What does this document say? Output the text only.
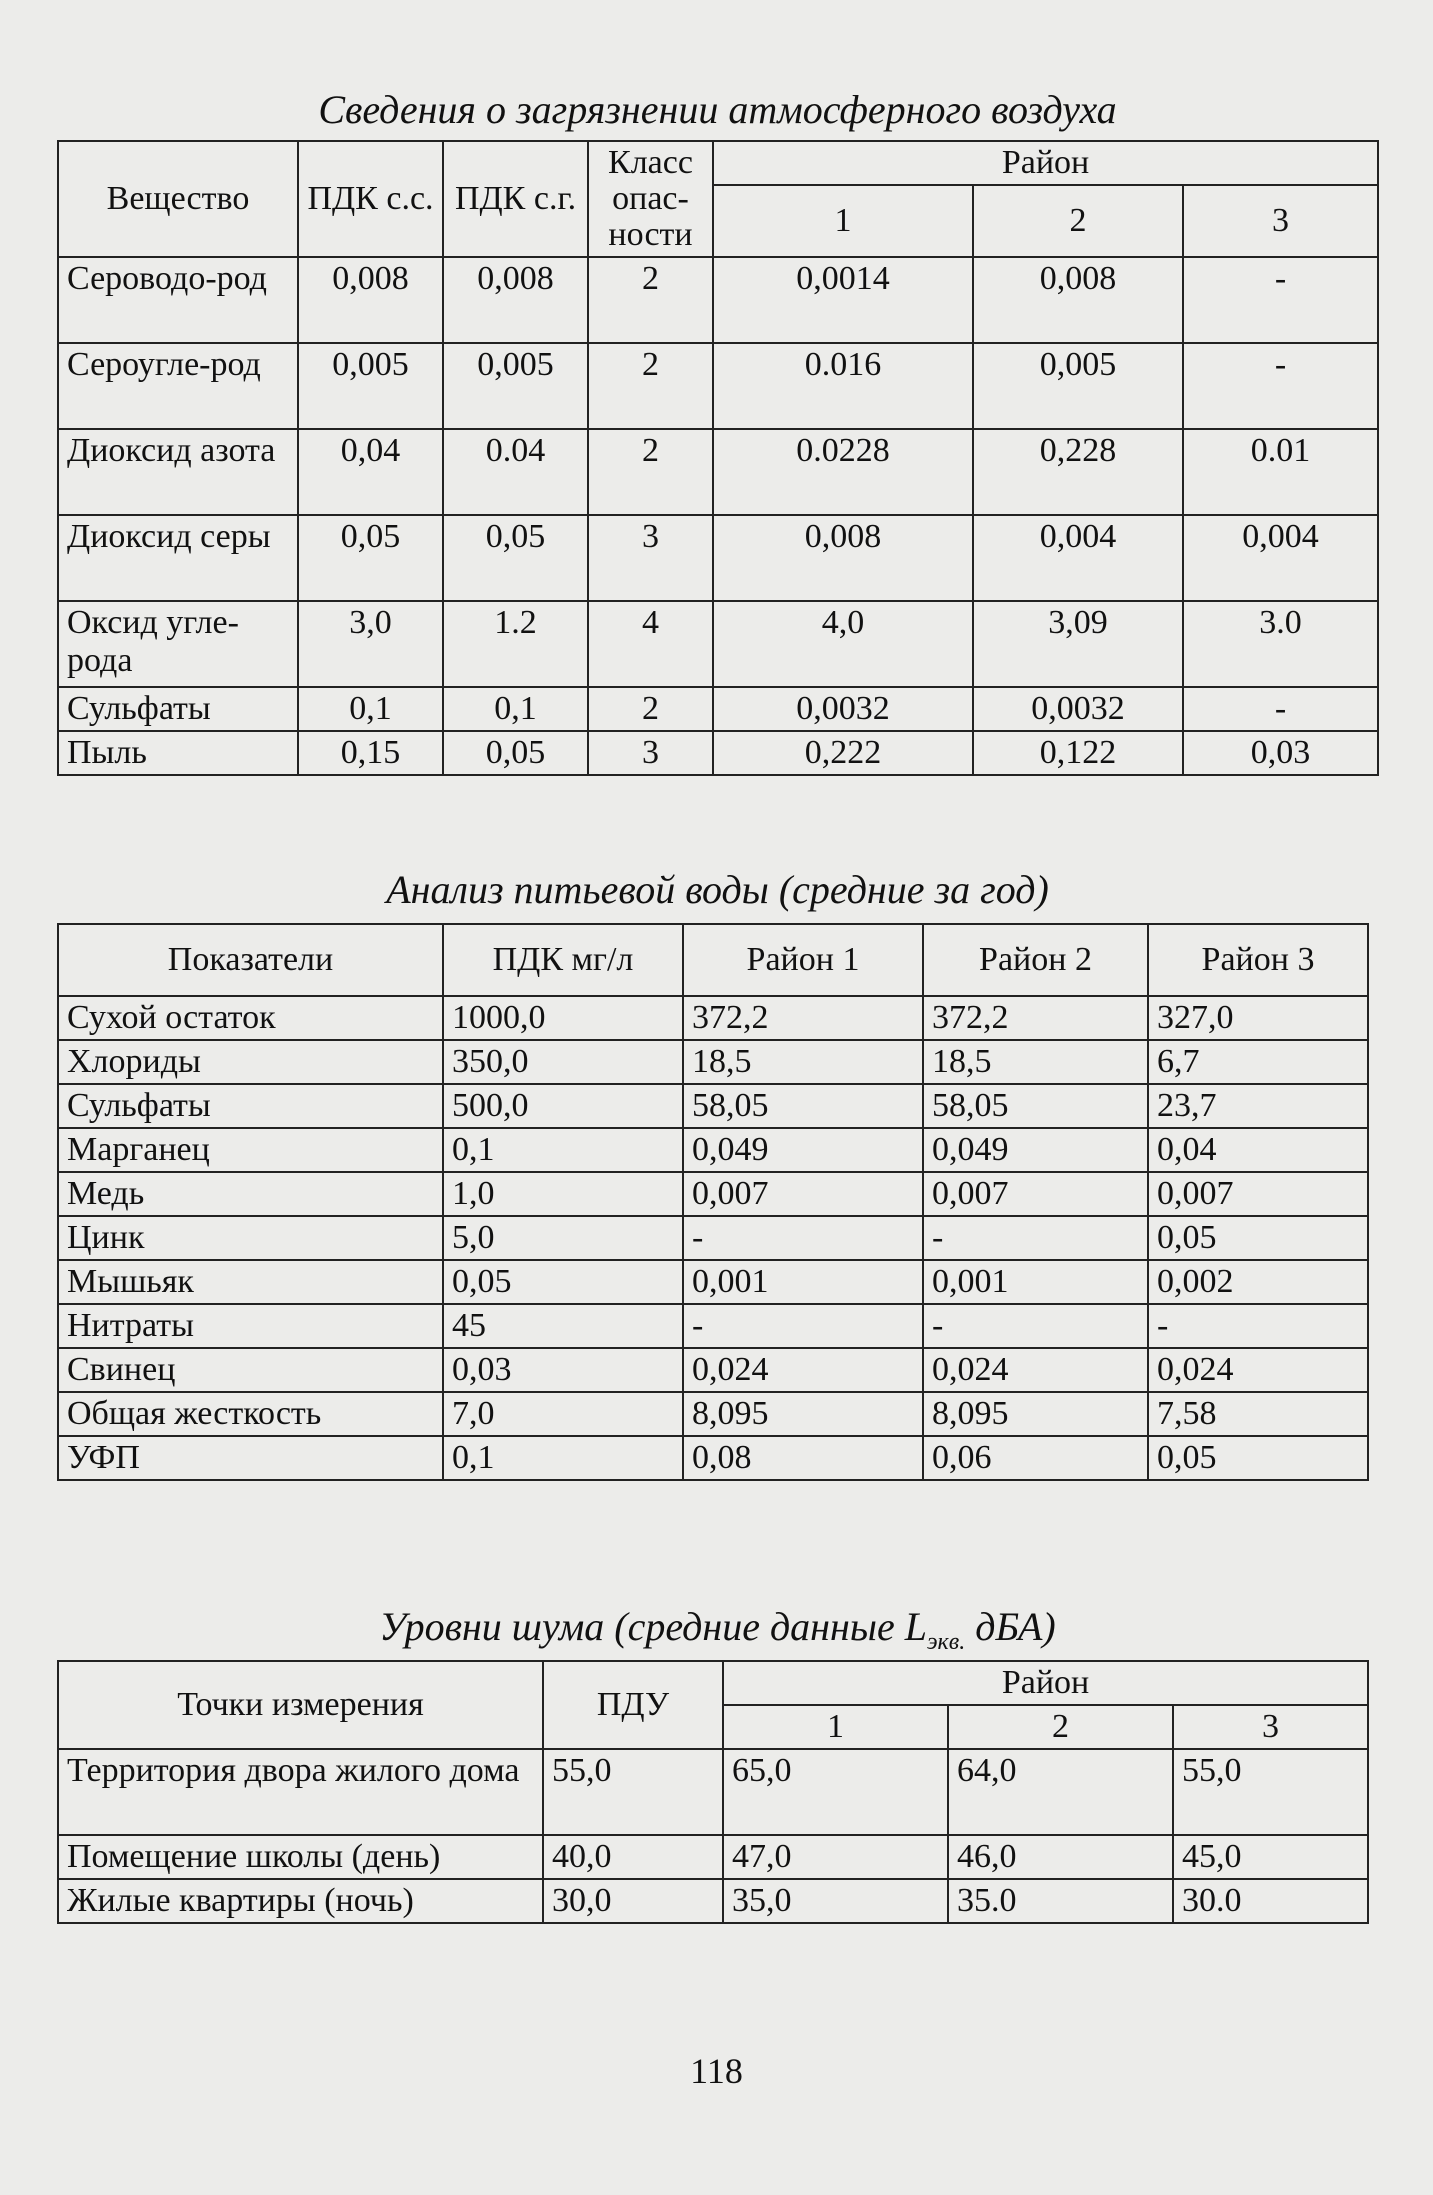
Сведения о загрязнении атмосферного воздуха
Вещество	ПДК с.с.	ПДК с.г.	Класс опас-ности	Район		
				1	2	3
Сероводо-род	0,008	0,008	2	0,0014	0,008	-
Сероугле-род	0,005	0,005	2	0.016	0,005	-
Диоксид азота	0,04	0.04	2	0.0228	0,228	0.01
Диоксид серы	0,05	0,05	3	0,008	0,004	0,004
Оксид угле-рода	3,0	1.2	4	4,0	3,09	3.0
Сульфаты	0,1	0,1	2	0,0032	0,0032	-
Пыль	0,15	0,05	3	0,222	0,122	0,03
Анализ питьевой воды (средние за год)
Показатели	ПДК мг/л	Район 1	Район 2	Район 3
Сухой остаток	1000,0	372,2	372,2	327,0
Хлориды	350,0	18,5	18,5	6,7
Сульфаты	500,0	58,05	58,05	23,7
Марганец	0,1	0,049	0,049	0,04
Медь	1,0	0,007	0,007	0,007
Цинк	5,0	-	-	0,05
Мышьяк	0,05	0,001	0,001	0,002
Нитраты	45	-	-	-
Свинец	0,03	0,024	0,024	0,024
Общая жесткость	7,0	8,095	8,095	7,58
УФП	0,1	0,08	0,06	0,05
Уровни шума (средние данные $L_{экв.}$ дБА)
Точки измерения	ПДУ	Район		
		1	2	3
Территория двора жилого дома	55,0	65,0	64,0	55,0
Помещение школы (день)	40,0	47,0	46,0	45,0
Жилые квартиры (ночь)	30,0	35,0	35.0	30.0
118
